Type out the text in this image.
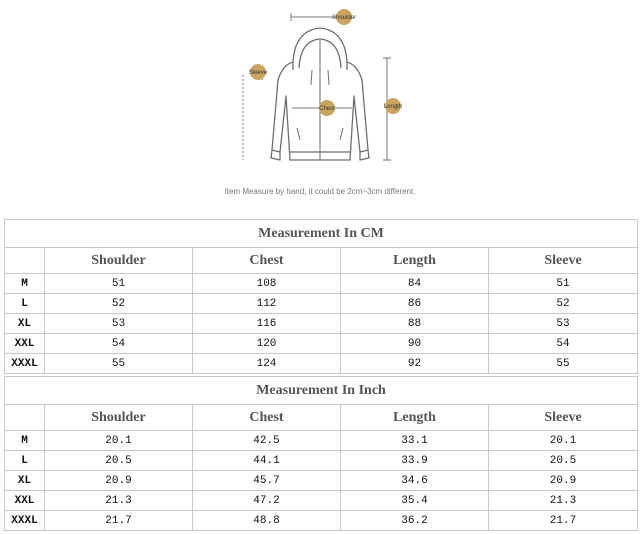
Shoulder
Sleeve
Chest	Length
Item Measure by hand, it could be 2cm~3cm different.
Measurement In CM				
	Shoulder	Chest	Length	Sleeve
M	51	108	84	51
L	52	112	86	52
XL	53	116	88	53
XXL	54	120	90	54
XXXL	55	124	92	55
Measurement In Inch				
	Shoulder	Chest	Length	Sleeve
M	20.1	42.5	33.1	20.1
L	20.5	44.1	33.9	20.5
XL	20.9	45.7	34.6	20.9
XXL	21.3	47.2	35.4	21.3
XXXL	21.7	48.8	36.2	21.7
